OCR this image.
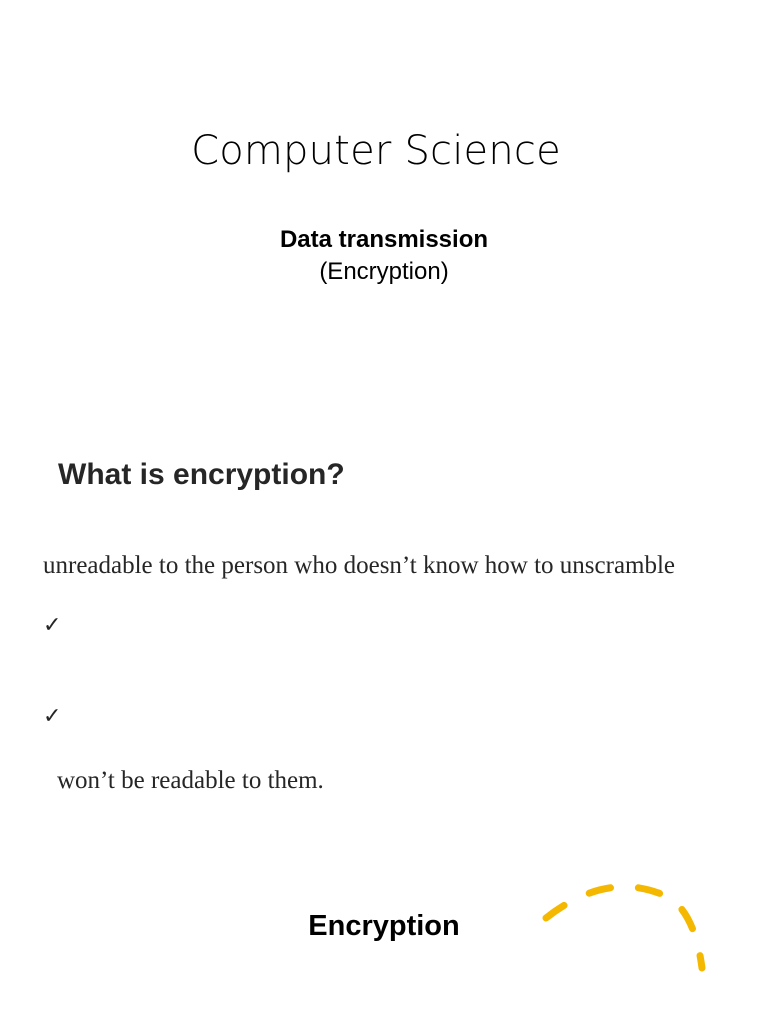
Computer Science
Data transmission
(Encryption)
What is encryption?
unreadable to the person who doesn’t know how to unscramble
✓
✓
won’t be readable to them.
Encryption
